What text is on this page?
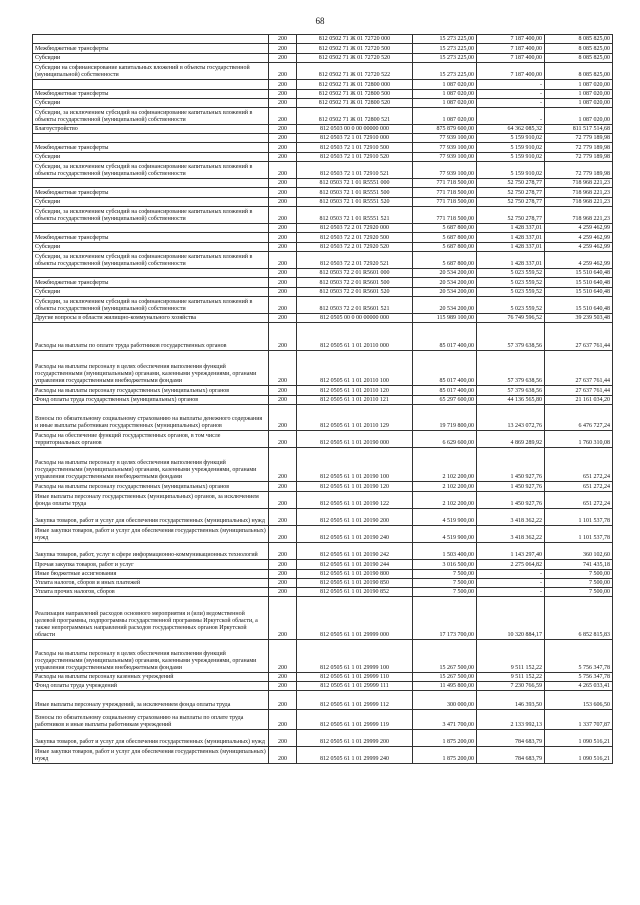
68
	200	812 0502 71 Ж 01 72720 000	15 273 225,00	7 187 400,00	8 085 825,00
Межбюджетные трансферты	200	812 0502 71 Ж 01 72720 500	15 273 225,00	7 187 400,00	8 085 825,00
Субсидии	200	812 0502 71 Ж 01 72720 520	15 273 225,00	7 187 400,00	8 085 825,00
Субсидии на софинансирование капитальных вложений в объекты государственной (муниципальной) собственности	200	812 0502 71 Ж 01 72720 522	15 273 225,00	7 187 400,00	8 085 825,00
	200	812 0502 71 Ж 01 72800 000	1 087 020,00	-	1 087 020,00
Межбюджетные трансферты	200	812 0502 71 Ж 01 72800 500	1 087 020,00	-	1 087 020,00
Субсидии	200	812 0502 71 Ж 01 72800 520	1 087 020,00	-	1 087 020,00
Субсидии, за исключением субсидий на софинансирование капитальных вложений в объекты государственной (муниципальной) собственности	200	812 0502 71 Ж 01 72800 521	1 087 020,00	-	1 087 020,00
Благоустройство	200	812 0503 00 0 00 00000 000	875 879 600,00	64 362 085,32	811 517 514,68
	200	812 0503 72 1 01 72910 000	77 939 100,00	5 159 910,02	72 779 189,98
Межбюджетные трансферты	200	812 0503 72 1 01 72910 500	77 939 100,00	5 159 910,02	72 779 189,98
Субсидии	200	812 0503 72 1 01 72910 520	77 939 100,00	5 159 910,02	72 779 189,98
Субсидии, за исключением субсидий на софинансирование капитальных вложений в объекты государственной (муниципальной) собственности	200	812 0503 72 1 01 72910 521	77 939 100,00	5 159 910,02	72 779 189,98
	200	812 0503 72 1 01 R5551 000	771 718 500,00	52 750 278,77	718 968 221,23
Межбюджетные трансферты	200	812 0503 72 1 01 R5551 500	771 718 500,00	52 750 278,77	718 968 221,23
Субсидии	200	812 0503 72 1 01 R5551 520	771 718 500,00	52 750 278,77	718 968 221,23
Субсидии, за исключением субсидий на софинансирование капитальных вложений в объекты государственной (муниципальной) собственности	200	812 0503 72 1 01 R5551 521	771 718 500,00	52 750 278,77	718 968 221,23
	200	812 0503 72 2 01 72920 000	5 687 800,00	1 428 337,01	4 259 462,99
Межбюджетные трансферты	200	812 0503 72 2 01 72920 500	5 687 800,00	1 428 337,01	4 259 462,99
Субсидии	200	812 0503 72 2 01 72920 520	5 687 800,00	1 428 337,01	4 259 462,99
Субсидии, за исключением субсидий на софинансирование капитальных вложений в объекты государственной (муниципальной) собственности	200	812 0503 72 2 01 72920 521	5 687 800,00	1 428 337,01	4 259 462,99
	200	812 0503 72 2 01 R5601 000	20 534 200,00	5 023 559,52	15 510 640,48
Межбюджетные трансферты	200	812 0503 72 2 01 R5601 500	20 534 200,00	5 023 559,52	15 510 640,48
Субсидии	200	812 0503 72 2 01 R5601 520	20 534 200,00	5 023 559,52	15 510 640,48
Субсидии, за исключением субсидий на софинансирование капитальных вложений в объекты государственной (муниципальной) собственности	200	812 0503 72 2 01 R5601 521	20 534 200,00	5 023 559,52	15 510 640,48
Другие вопросы в области жилищно-коммунального хозяйства	200	812 0505 00 0 00 00000 000	115 989 100,00	76 749 596,52	39 239 503,48
Расходы на выплаты по оплате труда работников государственных органов	200	812 0505 61 1 01 20110 000	85 017 400,00	57 379 638,56	27 637 761,44
Расходы на выплаты персоналу в целях обеспечения выполнения функций государственными (муниципальными) органами, казенными учреждениями, органами управления государственными внебюджетными фондами	200	812 0505 61 1 01 20110 100	85 017 400,00	57 379 638,56	27 637 761,44
Расходы на выплаты персоналу государственных (муниципальных) органов	200	812 0505 61 1 01 20110 120	85 017 400,00	57 379 638,56	27 637 761,44
Фонд оплаты труда государственных (муниципальных) органов	200	812 0505 61 1 01 20110 121	65 297 600,00	44 136 565,80	21 161 034,20
Взносы по обязательному социальному страхованию на выплаты денежного содержания и иные выплаты работникам государственных (муниципальных) органов	200	812 0505 61 1 01 20110 129	19 719 800,00	13 243 072,76	6 476 727,24
Расходы на обеспечение функций государственных органов, в том числе территориальных органов	200	812 0505 61 1 01 20190 000	6 629 600,00	4 869 289,92	1 760 310,08
Расходы на выплаты персоналу в целях обеспечения выполнения функций государственными (муниципальными) органами, казенными учреждениями, органами управления государственными внебюджетными фондами	200	812 0505 61 1 01 20190 100	2 102 200,00	1 450 927,76	651 272,24
Расходы на выплаты персоналу государственных (муниципальных) органов	200	812 0505 61 1 01 20190 120	2 102 200,00	1 450 927,76	651 272,24
Иные выплаты персоналу государственных (муниципальных) органов, за исключением фонда оплаты труда	200	812 0505 61 1 01 20190 122	2 102 200,00	1 450 927,76	651 272,24
Закупка товаров, работ и услуг для обеспечения государственных (муниципальных) нужд	200	812 0505 61 1 01 20190 200	4 519 900,00	3 418 362,22	1 101 537,78
Иные закупки товаров, работ и услуг для обеспечения государственных (муниципальных) нужд	200	812 0505 61 1 01 20190 240	4 519 900,00	3 418 362,22	1 101 537,78
Закупка товаров, работ, услуг в сфере информационно-коммуникационных технологий	200	812 0505 61 1 01 20190 242	1 503 400,00	1 143 297,40	360 102,60
Прочая закупка товаров, работ и услуг	200	812 0505 61 1 01 20190 244	3 016 500,00	2 275 064,82	741 435,18
Иные бюджетные ассигнования	200	812 0505 61 1 01 20190 800	7 500,00	-	7 500,00
Уплата налогов, сборов и иных платежей	200	812 0505 61 1 01 20190 850	7 500,00	-	7 500,00
Уплата прочих налогов, сборов	200	812 0505 61 1 01 20190 852	7 500,00	-	7 500,00
Реализация направлений расходов основного мероприятия и (или) ведомственной целевой программы, подпрограммы государственной программы Иркутской области, а также непрограммных направлений расходов государственных органов Иркутской области	200	812 0505 61 1 01 29999 000	17 173 700,00	10 320 884,17	6 852 815,83
Расходы на выплаты персоналу в целях обеспечения выполнения функций государственными (муниципальными) органами, казенными учреждениями, органами управления государственными внебюджетными фондами	200	812 0505 61 1 01 29999 100	15 267 500,00	9 511 152,22	5 756 347,78
Расходы на выплаты персоналу казенных учреждений	200	812 0505 61 1 01 29999 110	15 267 500,00	9 511 152,22	5 756 347,78
Фонд оплаты труда учреждений	200	812 0505 61 1 01 29999 111	11 495 800,00	7 230 766,59	4 265 033,41
Иные выплаты персоналу учреждений, за исключением фонда оплаты труда	200	812 0505 61 1 01 29999 112	300 000,00	146 393,50	153 606,50
Взносы по обязательному социальному страхованию на выплаты по оплате труда работников и иные выплаты работникам учреждений	200	812 0505 61 1 01 29999 119	3 471 700,00	2 133 992,13	1 337 707,87
Закупка товаров, работ и услуг для обеспечения государственных (муниципальных) нужд	200	812 0505 61 1 01 29999 200	1 875 200,00	784 683,79	1 090 516,21
Иные закупки товаров, работ и услуг для обеспечения государственных (муниципальных) нужд	200	812 0505 61 1 01 29999 240	1 875 200,00	784 683,79	1 090 516,21
